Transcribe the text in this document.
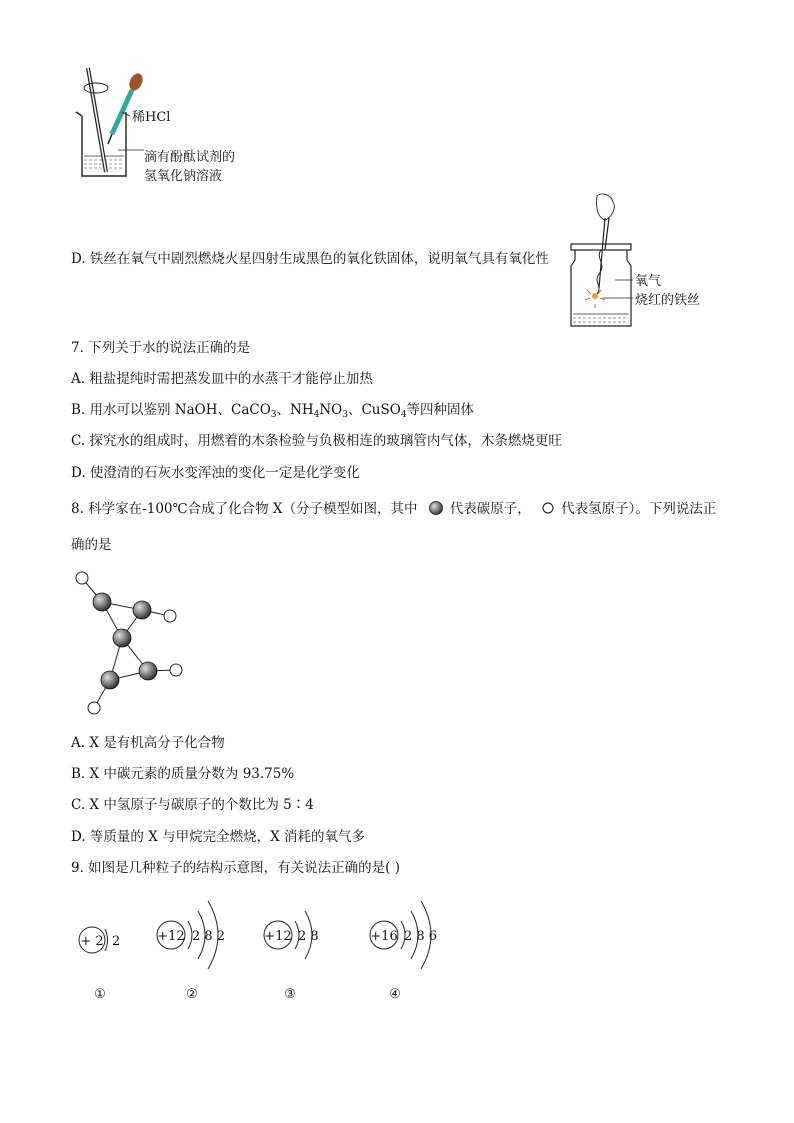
稀HCl
滴有酚酞试剂的
氢氧化钠溶液
D. 铁丝在氧气中剧烈燃烧火星四射生成黑色的氧化铁固体，说明氧气具有氧化性
氧气
烧红的铁丝
7. 下列关于水的说法正确的是
A. 粗盐提纯时需把蒸发皿中的水蒸干才能停止加热
B. 用水可以鉴别 NaOH、CaCO$_3$、$NH_4NO_3$、CuSO$_4$等四种固体
C. 探究水的组成时，用燃着的木条检验与负极相连的玻璃管内气体，木条燃烧更旺
D. 使澄清的石灰水变浑浊的变化一定是化学变化
8. 科学家在-100℃合成了化合物 X（分子模型如图，其中 代表碳原子， 代表氢原子）。下列说法正
确的是
A. X 是有机高分子化合物
B. X 中碳元素的质量分数为 93.75%
C. X 中氢原子与碳原子的个数比为 5∶4
D. 等质量的 X 与甲烷完全燃烧，X 消耗的氧气多
9. 如图是几种粒子的结构示意图，有关说法正确的是( )
+ 2 2
①
+12 2 8 2
②
+12 2 8
③
+16 2 8 6
④
